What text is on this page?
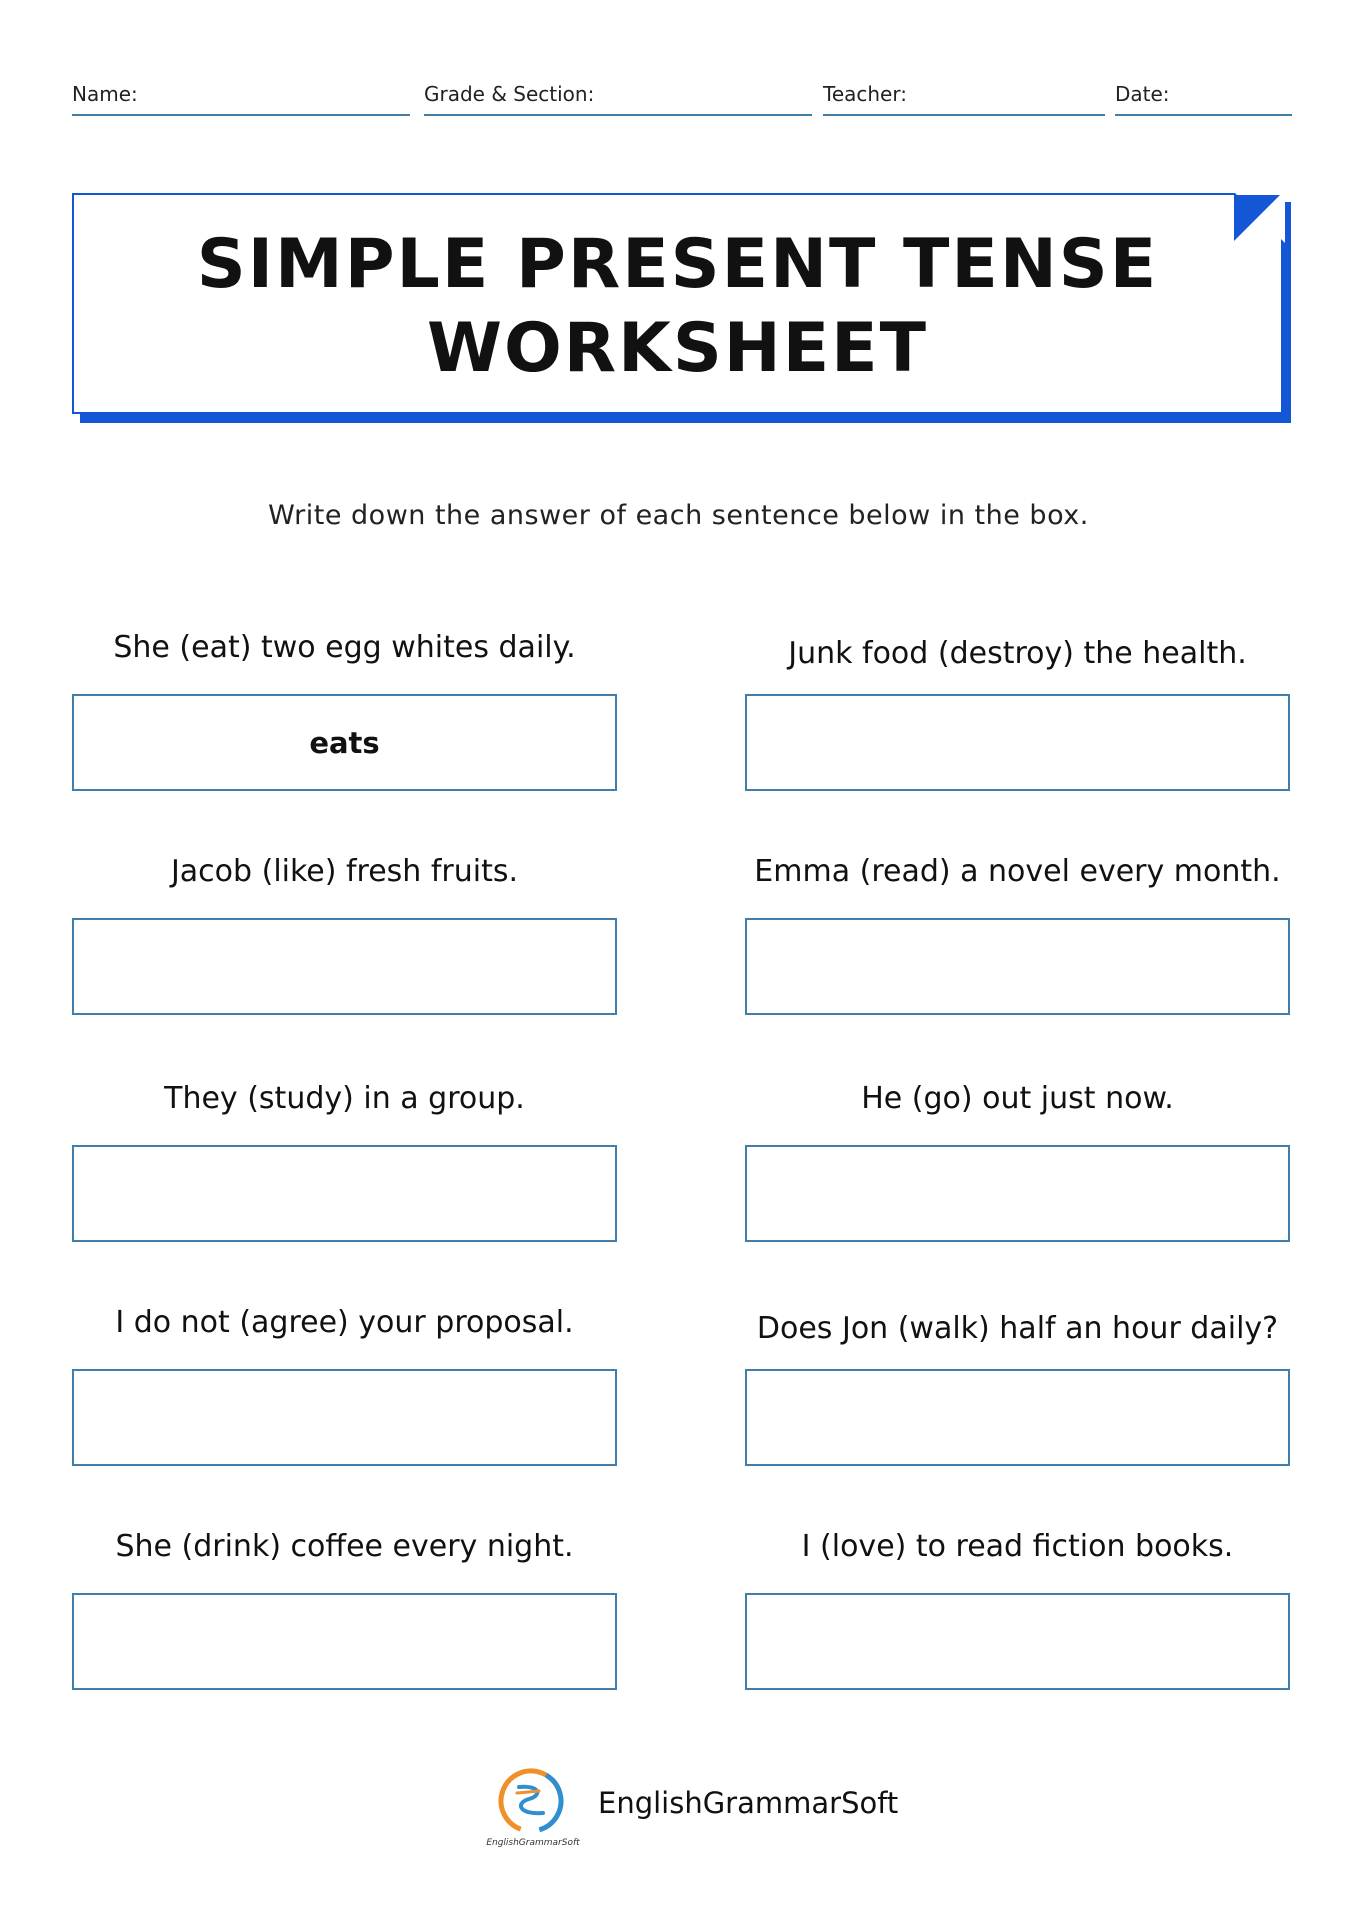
Name:	Grade & Section:	Teacher:	Date:
SIMPLE PRESENT TENSE
WORKSHEET
Write down the answer of each sentence below in the box.
She (eat) two egg whites daily.
eats
Junk food (destroy) the health.
Jacob (like) fresh fruits.	Emma (read) a novel every month.
They (study) in a group.	He (go) out just now.
I do not (agree) your proposal.	Does Jon (walk) half an hour daily?
She (drink) coffee every night.	I (love) to read fiction books.
EnglishGrammarSoft
EnglishGrammarSoft
